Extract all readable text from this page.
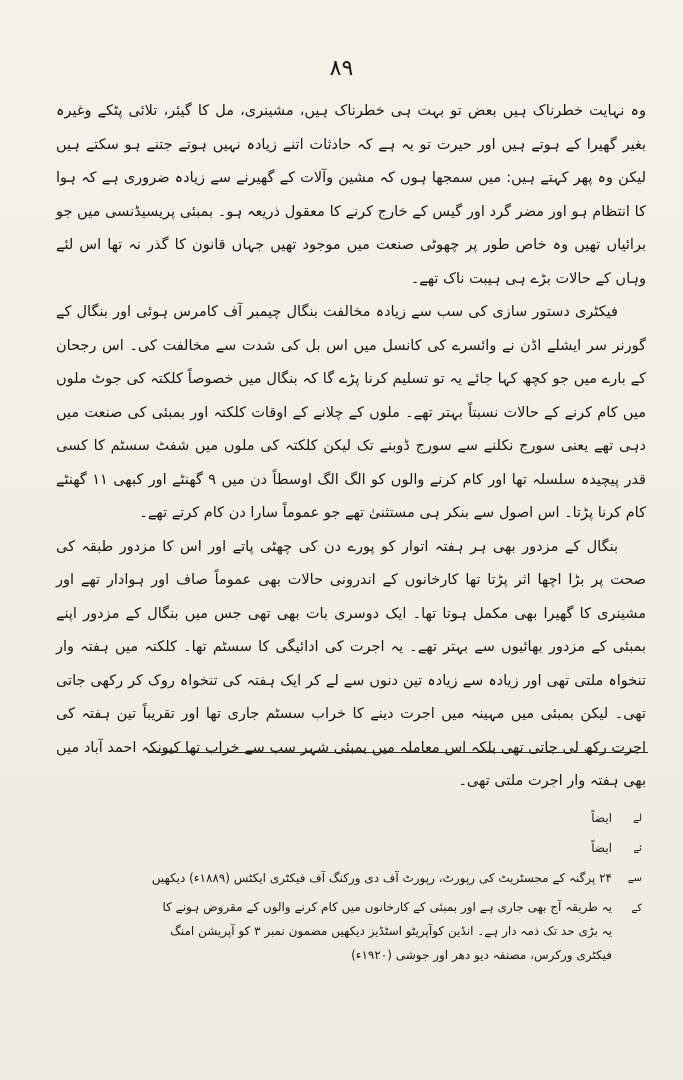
۸۹

وہ نہایت خطرناک ہیں بعض تو بہت ہی خطرناک ہیں، مشینری، مل کا گیئر، تلائی پٹکے وغیرہ بغیر گھیرا کے ہوتے ہیں اور حیرت تو یہ ہے کہ حادثات اتنے زیادہ نہیں ہوتے جتنے ہو سکتے ہیں لیکن وہ پھر کہتے ہیں: میں سمجھا ہوں کہ مشین وآلات کے گھیرنے سے زیادہ ضروری ہے کہ ہوا کا انتظام ہو اور مضر گرد اور گیس کے خارج کرنے کا معقول ذریعہ ہو۔ بمبئی پریسیڈنسی میں جو برائیاں تھیں وہ خاص طور پر چھوٹی صنعت میں موجود تھیں جہاں قانون کا گذر نہ تھا اس لئے وہاں کے حالات بڑے ہی ہیبت ناک تھے۔

فیکٹری دستور سازی کی سب سے زیادہ مخالفت بنگال چیمبر آف کامرس ہوئی اور بنگال کے گورنر سر ایشلے اڈن نے وائسرے کی کانسل میں اس بل کی شدت سے مخالفت کی۔ اس رجحان کے بارے میں جو کچھ کہا جائے یہ تو تسلیم کرنا پڑے گا کہ بنگال میں خصوصاً کلکتہ کی جوٹ ملوں میں کام کرنے کے حالات نسبتاً بہتر تھے۔ ملوں کے چلانے کے اوقات کلکتہ اور بمبئی کی صنعت میں دہی تھے یعنی سورج نکلنے سے سورج ڈوبنے تک لیکن کلکتہ کی ملوں میں شفٹ سسٹم کا کسی قدر پیچیدہ سلسلہ تھا اور کام کرنے والوں کو الگ الگ اوسطاً دن میں ۹ گھنٹے اور کبھی ۱۱ گھنٹے کام کرنا پڑتا۔ اس اصول سے بنکر ہی مستثنیٰ تھے جو عموماً سارا دن کام کرتے تھے۔

بنگال کے مزدور بھی ہر ہفتہ اتوار کو پورے دن کی چھٹی پاتے اور اس کا مزدور طبقہ کی صحت پر بڑا اچھا اثر پڑتا تھا کارخانوں کے اندرونی حالات بھی عموماً صاف اور ہوادار تھے اور مشینری کا گھیرا بھی مکمل ہوتا تھا۔ ایک دوسری بات بھی تھی جس میں بنگال کے مزدور اپنے بمبئی کے مزدور بھائیوں سے بہتر تھے۔ یہ اجرت کی ادائیگی کا سسٹم تھا۔ کلکتہ میں ہفتہ وار تنخواہ ملتی تھی اور زیادہ سے زیادہ تین دنوں سے لے کر ایک ہفتہ کی تنخواہ روک کر رکھی جاتی تھی۔ لیکن بمبئی میں مہینہ میں اجرت دینے کا خراب سسٹم جاری تھا اور تقریباً تین ہفتہ کی اجرت رکھ لی جاتی تھی بلکہ اس معاملہ میں بمبئی شہر سب سے خراب تھا کیونکہ احمد آباد میں بھی ہفتہ وار اجرت ملتی تھی۔

لے
ایضاً
ئے
ایضاً
سے
۲۴ پرگنہ کے مجسٹریٹ کی رپورٹ، رپورٹ آف دی ورکنگ آف فیکٹری ایکٹس (۱۸۸۹ء) دیکھیں
کے
یہ طریقہ آج بھی جاری ہے اور بمبئی کے کارخانوں میں کام کرنے والوں کے مقروض ہونے کا یہ بڑی حد تک ذمہ دار ہے۔ انڈین کوآپریٹو اسٹڈیز دیکھیں مضمون نمبر ۳ کو آپریشن امنگ فیکٹری ورکرس، مصنفہ دیو دھر اور جوشی (۱۹۲۰ء)
